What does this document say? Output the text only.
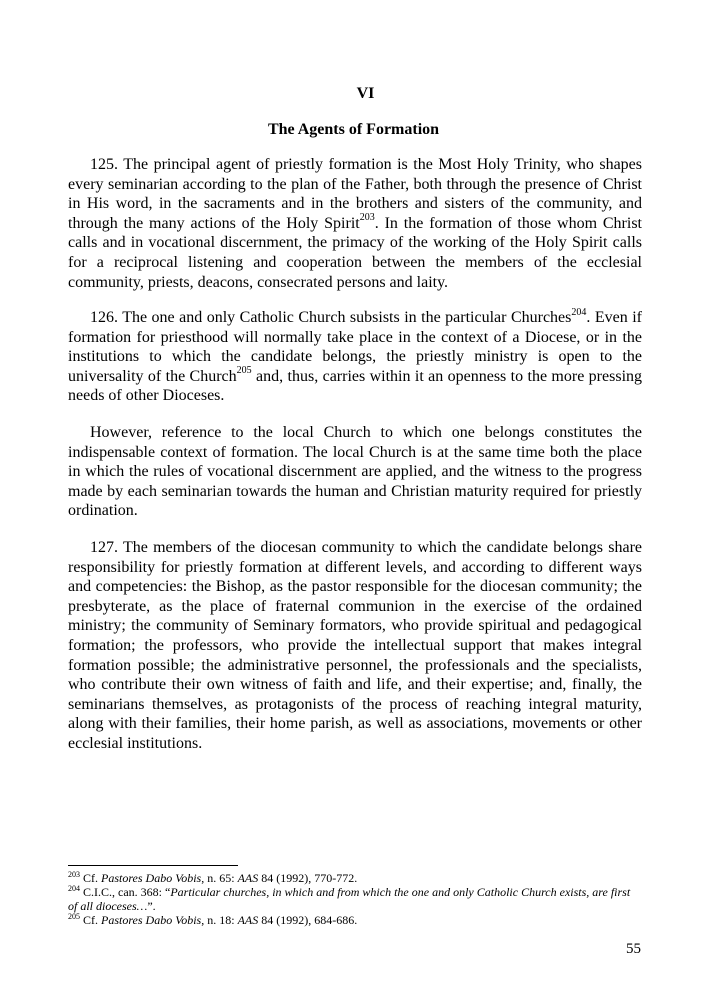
VI
The Agents of Formation

125. The principal agent of priestly formation is the Most Holy Trinity, who shapes every seminarian according to the plan of the Father, both through the presence of Christ in His word, in the sacraments and in the brothers and sisters of the community, and through the many actions of the Holy Spirit$^{203}$. In the formation of those whom Christ calls and in vocational discernment, the primacy of the working of the Holy Spirit calls for a reciprocal listening and cooperation between the members of the ecclesial community, priests, deacons, consecrated persons and laity.

126. The one and only Catholic Church subsists in the particular Churches$^{204}$. Even if formation for priesthood will normally take place in the context of a Diocese, or in the institutions to which the candidate belongs, the priestly ministry is open to the universality of the Church$^{205}$ and, thus, carries within it an openness to the more pressing needs of other Dioceses.

However, reference to the local Church to which one belongs constitutes the indispensable context of formation. The local Church is at the same time both the place in which the rules of vocational discernment are applied, and the witness to the progress made by each seminarian towards the human and Christian maturity required for priestly ordination.

127. The members of the diocesan community to which the candidate belongs share responsibility for priestly formation at different levels, and according to different ways and competencies: the Bishop, as the pastor responsible for the diocesan community; the presbyterate, as the place of fraternal communion in the exercise of the ordained ministry; the community of Seminary formators, who provide spiritual and pedagogical formation; the professors, who provide the intellectual support that makes integral formation possible; the administrative personnel, the professionals and the specialists, who contribute their own witness of faith and life, and their expertise; and, finally, the seminarians themselves, as protagonists of the process of reaching integral maturity, along with their families, their home parish, as well as associations, movements or other ecclesial institutions.

$^{203}$ Cf. Pastores Dabo Vobis, n. 65: AAS 84 (1992), 770-772.
$^{204}$ C.I.C., can. 368: “Particular churches, in which and from which the one and only Catholic Church exists, are first of all dioceses…”.
$^{205}$ Cf. Pastores Dabo Vobis, n. 18: AAS 84 (1992), 684-686.
55
